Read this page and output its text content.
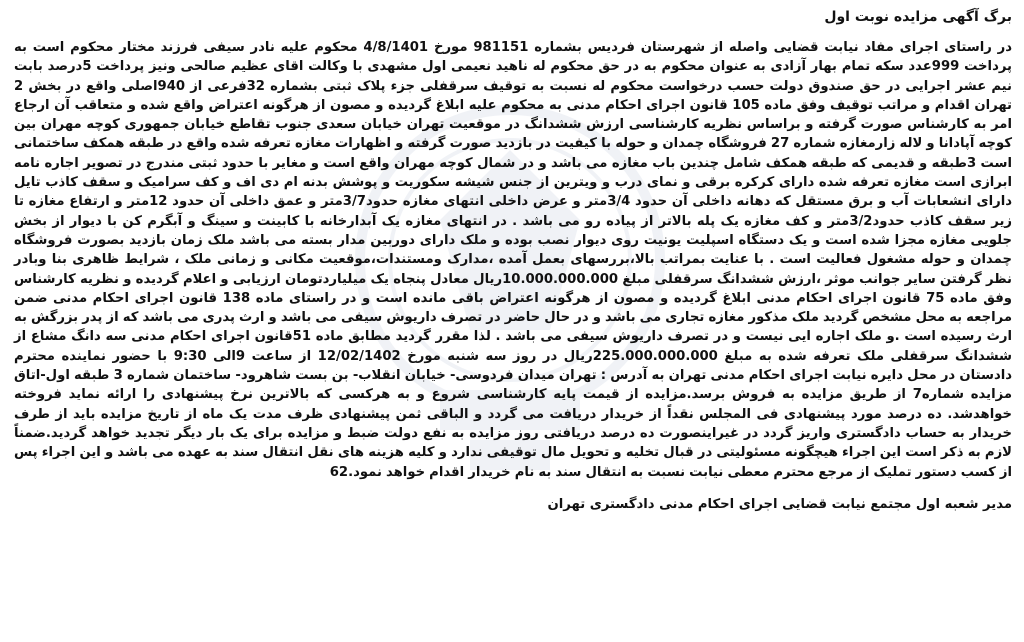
برگ آگهی مزایده نوبت اول

در راستای اجرای مفاد نیابت قضایی واصله از شهرستان فردیس بشماره 981151 مورخ 4/8/1401 محکوم علیه نادر سیفی فرزند مختار محکوم است به پرداخت 999عدد سکه تمام بهار آزادی به عنوان محکوم به در حق محکوم له ناهید نعیمی اول مشهدی با وکالت اقای عظیم صالحی ونیز پرداخت 5درصد بابت نیم عشر اجرایی در حق صندوق دولت حسب درخواست محکوم له نسبت به توقیف سرقفلی جزء پلاک ثبتی بشماره 32فرعی از 940اصلی واقع در بخش 2 تهران اقدام و مراتب توقیف وفق ماده 105 قانون اجرای احکام مدنی به محکوم علیه ابلاغ گردیده و مصون از هرگونه اعتراض واقع شده و متعاقب آن ارجاع امر به کارشناس صورت گرفته و براساس نظریه کارشناسی ارزش ششدانگ در موقعیت تهران خیابان سعدی جنوب تقاطع خیابان جمهوری کوچه مهران بین کوچه آپادانا و لاله زارمغازه شماره 27 فروشگاه چمدان و حوله با کیفیت در بازدید صورت گرفته و اظهارات مغازه تعرفه شده واقع در طبقه همکف ساختمانی است 3طبقه و قدیمی که طبقه همکف شامل چندین باب مغازه می باشد و در شمال کوچه مهران واقع است و مغایر با حدود ثبتی مندرج در تصویر اجاره نامه ابرازی است مغازه تعرفه شده دارای کرکره برقی و نمای درب و ویترین از جنس شیشه سکوریت و پوشش بدنه ام دی اف و کف سرامیک و سقف کاذب تایل دارای انشعابات آب و برق مستقل که دهانه داخلی آن حدود 3/4متر و عرض داخلی انتهای مغازه حدود3/7متر و عمق داخلی آن حدود 12متر و ارتفاع مغازه تا زیر سقف کاذب حدود3/2متر و کف مغازه یک پله بالاتر از پیاده رو می باشد . در انتهای مغازه یک آبدارخانه با کابینت و سینگ و آبگرم کن با دیوار از بخش جلویی مغازه مجزا شده است و یک دستگاه اسپلیت یونیت روی دیوار نصب بوده و ملک دارای دوربین مدار بسته می باشد ملک زمان بازدید بصورت فروشگاه چمدان و حوله مشغول فعالیت است . با عنایت بمراتب بالا،بررسهای بعمل آمده ،مدارک ومستندات،موقعیت مکانی و زمانی ملک ، شرایط ظاهری بنا وبادر نظر گرفتن سایر جوانب موثر ،ارزش ششدانگ سرقفلی مبلغ 10.000.000.000ریال معادل پنجاه یک میلیاردتومان ارزیابی و اعلام گردیده و نظریه کارشناس وفق ماده 75 قانون اجرای احکام مدنی ابلاغ گردیده و مصون از هرگونه اعتراض باقی مانده است و در راستای ماده 138 قانون اجرای احکام مدنی ضمن مراجعه به محل مشخص گردید ملک مذکور مغازه تجاری می باشد و در حال حاضر در تصرف داریوش سیفی می باشد و ارث پدری می باشد که از پدر بزرگش به ارث رسیده است .و ملک اجاره ایی نیست و در تصرف داریوش سیفی می باشد . لذا مقرر گردید مطابق ماده 51قانون اجرای احکام مدنی سه دانگ مشاع از ششدانگ سرقفلی ملک تعرفه شده به مبلغ 225.000.000.000ریال در روز سه شنبه مورخ 12/02/1402 از ساعت 9الی 9:30 با حضور نماینده محترم دادستان در محل دایره نیابت اجرای احکام مدنی تهران به آدرس : تهران میدان فردوسی- خیابان انقلاب- بن بست شاهرود- ساختمان شماره 3 طبقه اول-اتاق مزایده شماره7 از طریق مزایده به فروش برسد.مزایده از قیمت پایه کارشناسی شروع و به هرکسی که بالاترین نرخ پیشنهادی را ارائه نماید فروخته خواهدشد. ده درصد مورد پیشنهادی فی المجلس نقداً از خریدار دریافت می گردد و الباقی ثمن پیشنهادی ظرف مدت یک ماه از تاریخ مزایده باید از طرف خریدار به حساب دادگستری واریز گردد در غیراینصورت ده درصد دریافتی روز مزایده به نفع دولت ضبط و مزایده برای یک بار دیگر تجدید خواهد گردید.ضمناً لازم به ذکر است این اجراء هیچگونه مسئولیتی در قبال تخلیه و تحویل مال توقیفی ندارد و کلیه هزینه های نقل انتقال سند به عهده می باشد و این اجراء پس از کسب دستور تملیک از مرجع محترم معطی نیابت نسبت به انتقال سند به نام خریدار اقدام خواهد نمود.62

مدیر شعبه اول مجتمع نیابت قضایی اجرای احکام مدنی دادگستری تهران
